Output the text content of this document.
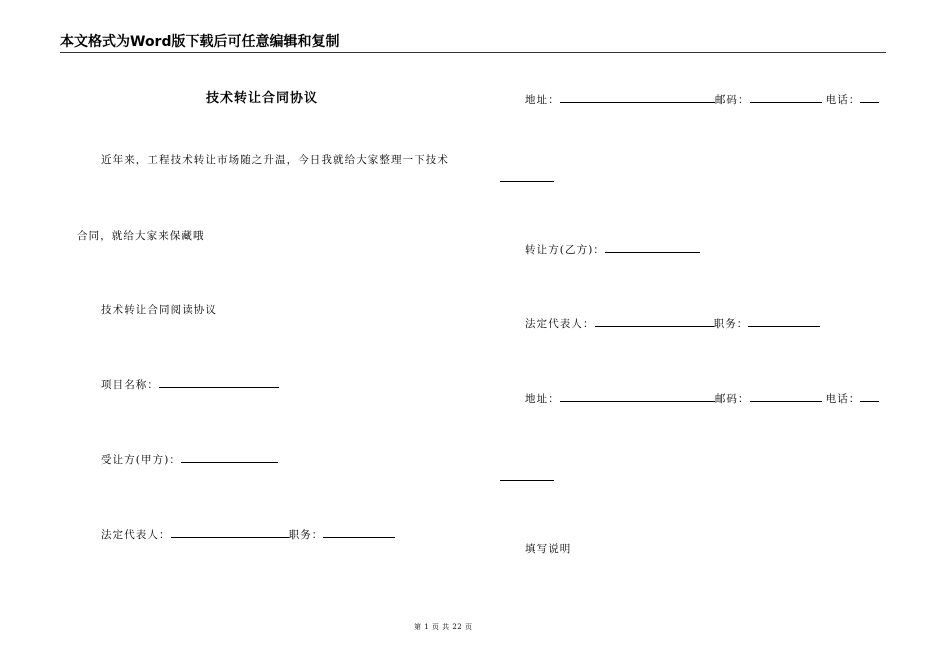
本文格式为Word版下载后可任意编辑和复制
技术转让合同协议
近年来，工程技术转让市场随之升温，今日我就给大家整理一下技术
合同，就给大家来保藏哦
技术转让合同阅读协议
项目名称：
受让方(甲方)：
法定代表人：	职务：
地址：	邮码：	电话：
转让方(乙方)：
法定代表人：	职务：
地址：	邮码：	电话：
填写说明
第 1 页 共 22 页
